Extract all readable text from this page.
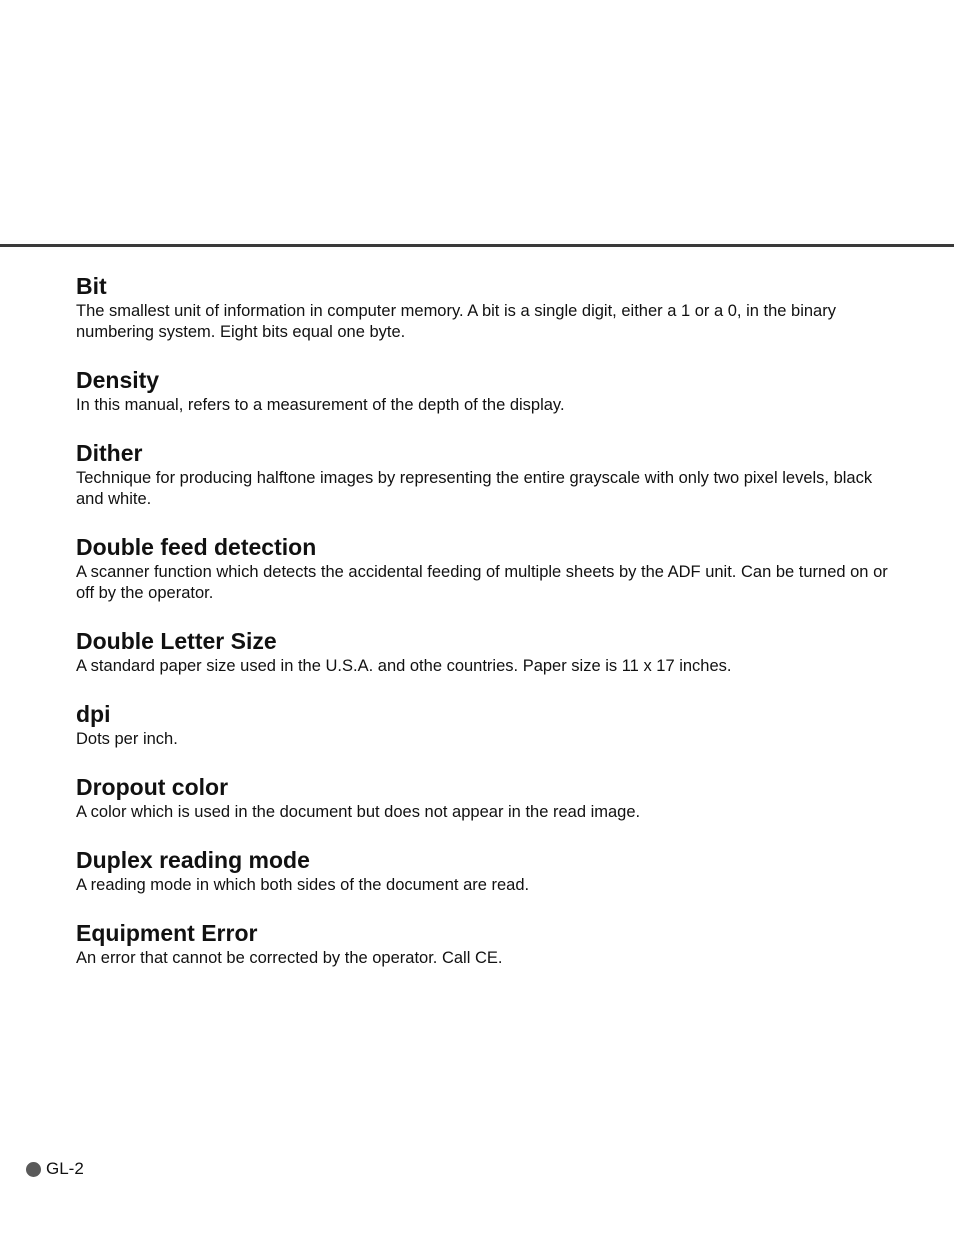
Bit

The smallest unit of information in computer memory. A bit is a single digit, either a 1 or a 0, in the binary numbering system. Eight bits equal one byte.

Density

In this manual, refers to a measurement of the depth of the display.

Dither

Technique for producing halftone images by representing the entire grayscale with only two pixel levels, black and white.

Double feed detection

A scanner function which detects the accidental feeding of multiple sheets by the ADF unit. Can be turned on or off by the operator.

Double Letter Size

A standard paper size used in the U.S.A. and othe countries. Paper size is 11 x 17 inches.

dpi

Dots per inch.

Dropout color

A color which is used in the document but does not appear in the read image.

Duplex reading mode

A reading mode in which both sides of the document are read.

Equipment Error

An error that cannot be corrected by the operator. Call CE.

GL-2
